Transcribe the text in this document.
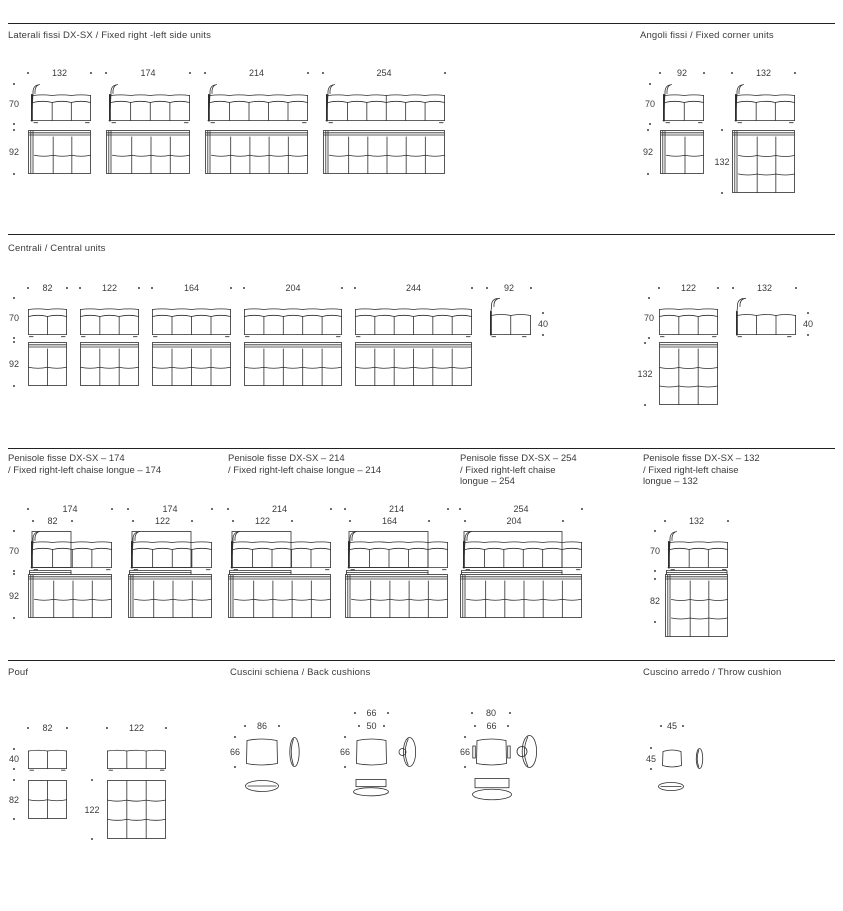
Laterali fissi DX-SX / Fixed right -left side units	Angoli fissi / Fixed corner units
Centrali / Central units
Penisole fisse DX-SX – 174
/ Fixed right-left chaise longue – 174
Penisole fisse DX-SX – 214
/ Fixed right-left chaise longue – 214
Penisole fisse DX-SX – 254
/ Fixed right-left chaise
longue – 254
Penisole fisse DX-SX – 132
/ Fixed right-left chaise
longue – 132
Pouf	Cuscini schiena / Back cushions	Cuscino arredo / Throw cushion
70
92
132	174	214	254
70
92
92	132
132
70
92
82	122	164	204	244	92
40
70
122
132
132
40
70
92
174
82
174
122
214
122
214
164
254
204	132
70
82
40
82
82
122
122
86
66
66
50
66
80
66
66
45
45
